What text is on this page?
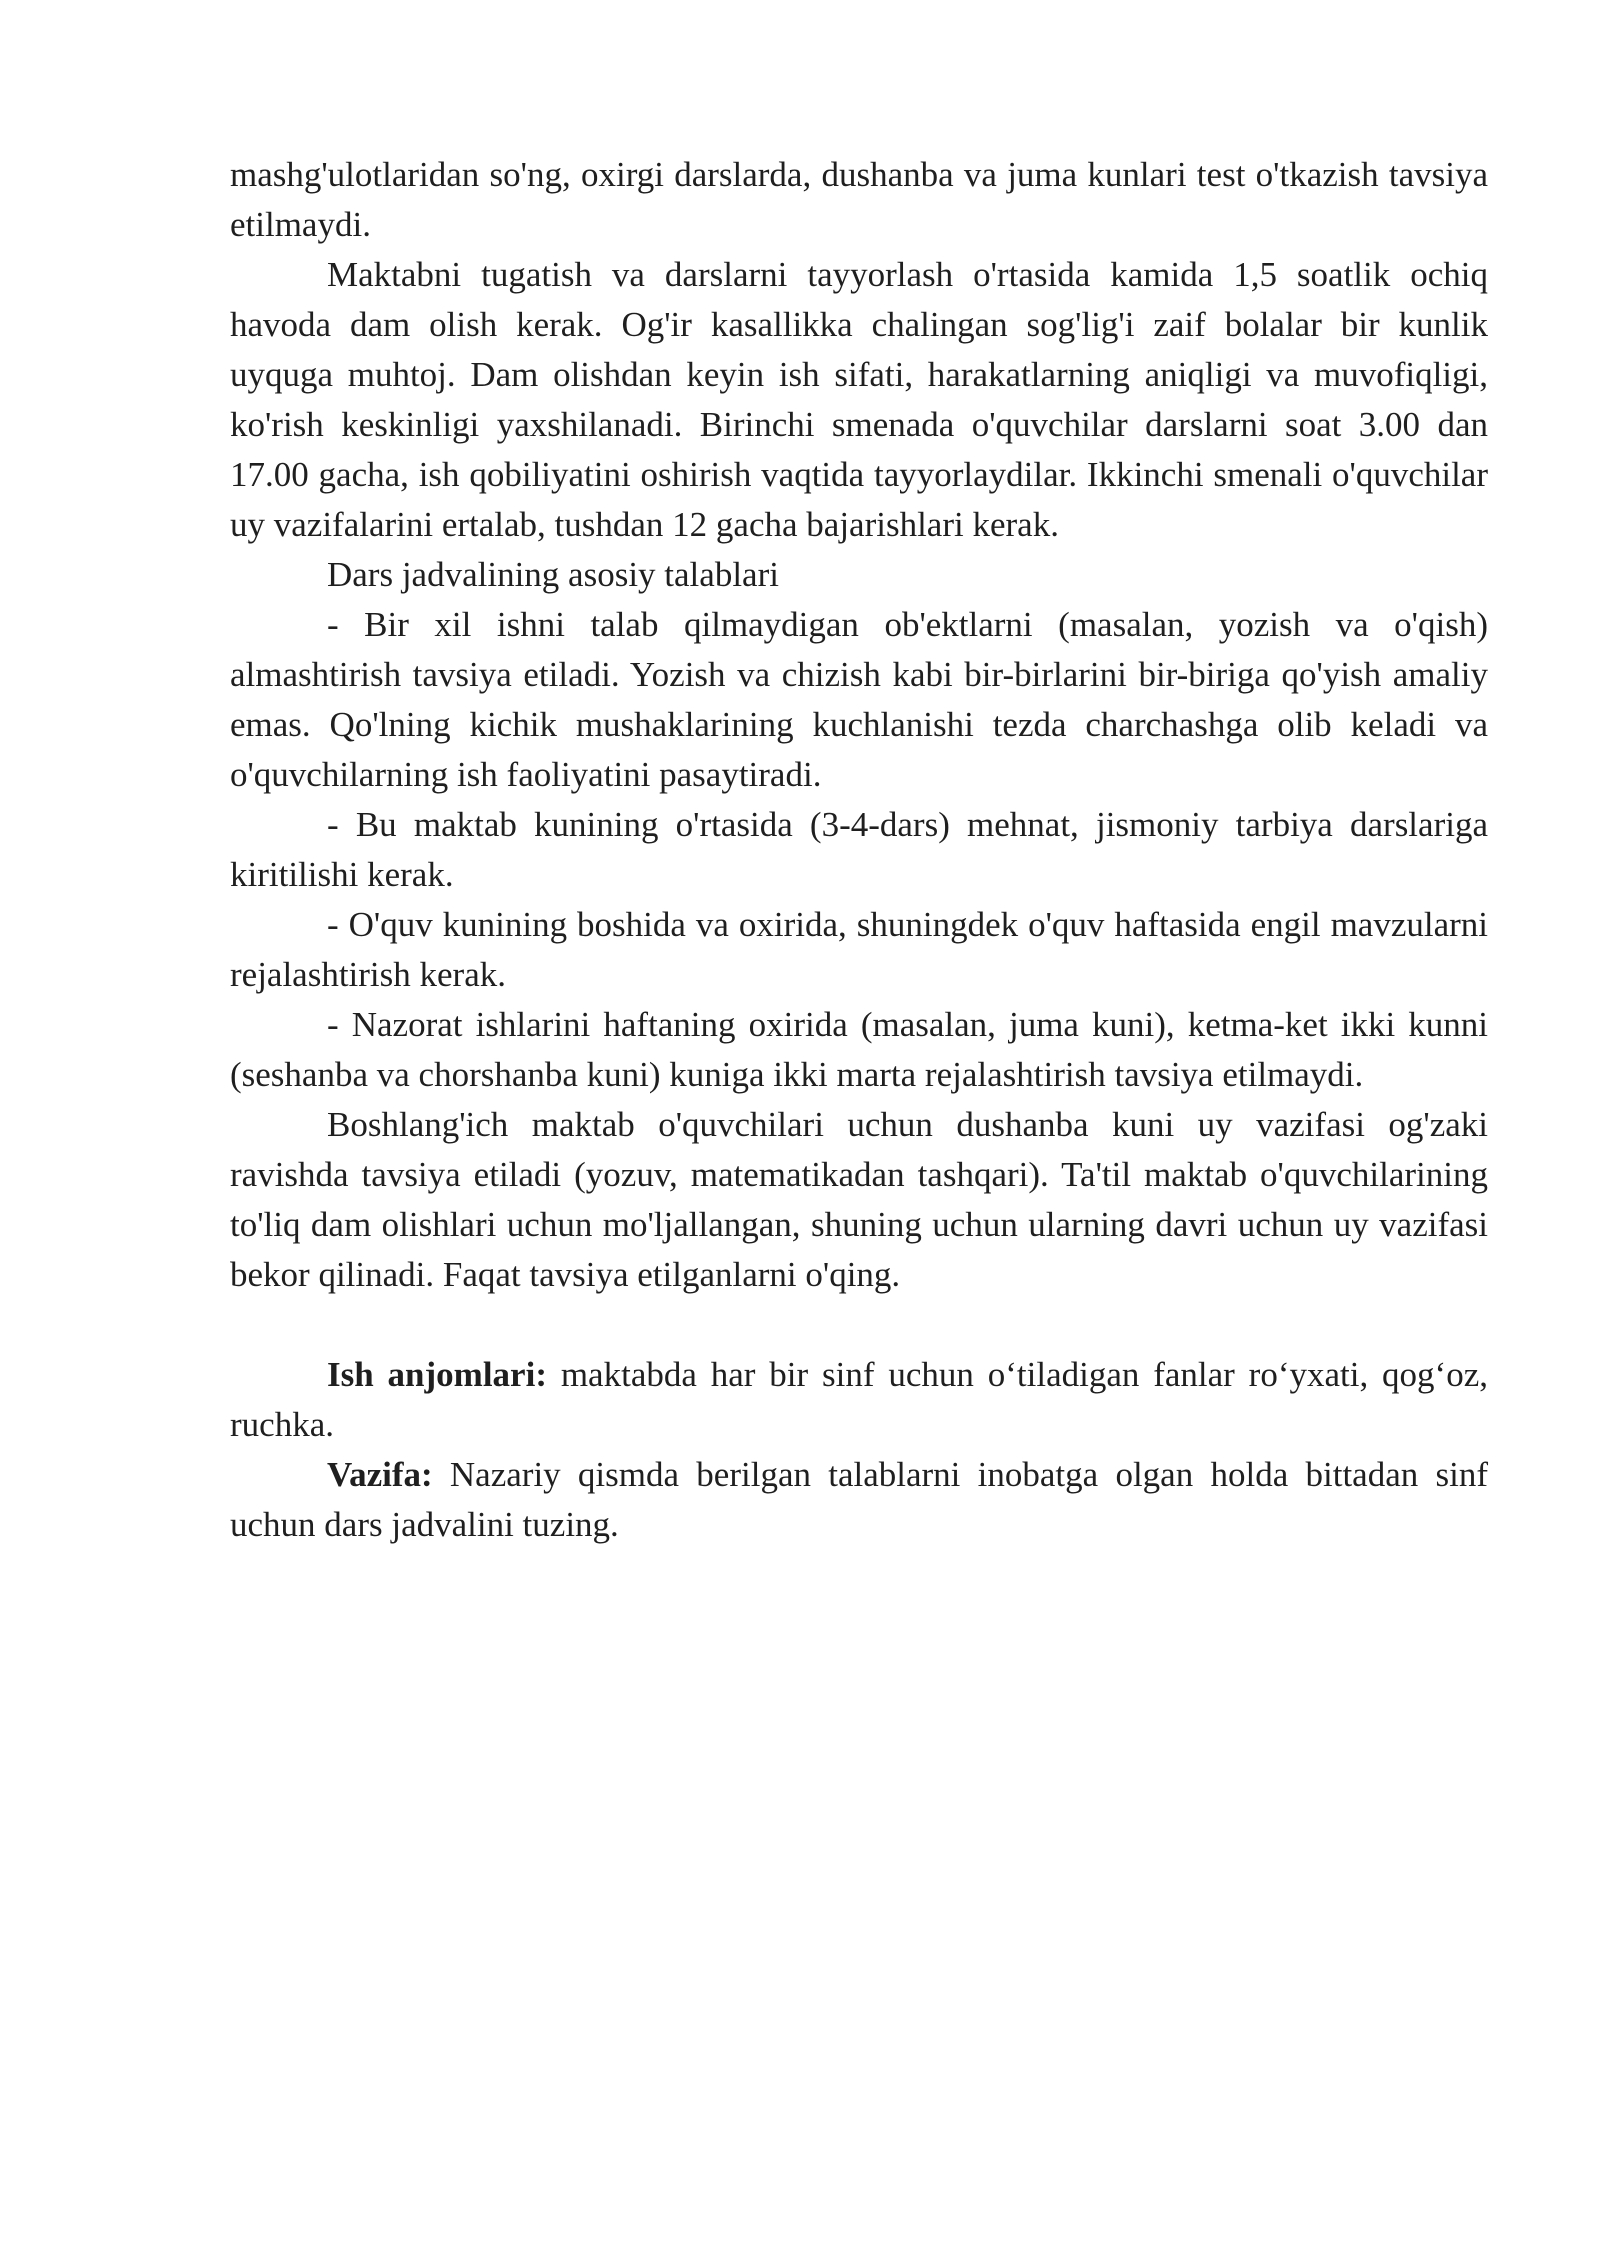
mashg'ulotlaridan so'ng, oxirgi darslarda, dushanba va juma kunlari test o'tkazish tavsiya etilmaydi.

Maktabni tugatish va darslarni tayyorlash o'rtasida kamida 1,5 soatlik ochiq havoda dam olish kerak. Og'ir kasallikka chalingan sog'lig'i zaif bolalar bir kunlik uyquga muhtoj. Dam olishdan keyin ish sifati, harakatlarning aniqligi va muvofiqligi, ko'rish keskinligi yaxshilanadi. Birinchi smenada o'quvchilar darslarni soat 3.00 dan 17.00 gacha, ish qobiliyatini oshirish vaqtida tayyorlaydilar. Ikkinchi smenali o'quvchilar uy vazifalarini ertalab, tushdan 12 gacha bajarishlari kerak.

Dars jadvalining asosiy talablari

- Bir xil ishni talab qilmaydigan ob'ektlarni (masalan, yozish va o'qish) almashtirish tavsiya etiladi. Yozish va chizish kabi bir-birlarini bir-biriga qo'yish amaliy emas. Qo'lning kichik mushaklarining kuchlanishi tezda charchashga olib keladi va o'quvchilarning ish faoliyatini pasaytiradi.

- Bu maktab kunining o'rtasida (3-4-dars) mehnat, jismoniy tarbiya darslariga kiritilishi kerak.

- O'quv kunining boshida va oxirida, shuningdek o'quv haftasida engil mavzularni rejalashtirish kerak.

- Nazorat ishlarini haftaning oxirida (masalan, juma kuni), ketma-ket ikki kunni (seshanba va chorshanba kuni) kuniga ikki marta rejalashtirish tavsiya etilmaydi.

Boshlang'ich maktab o'quvchilari uchun dushanba kuni uy vazifasi og'zaki ravishda tavsiya etiladi (yozuv, matematikadan tashqari). Ta'til maktab o'quvchilarining to'liq dam olishlari uchun mo'ljallangan, shuning uchun ularning davri uchun uy vazifasi bekor qilinadi. Faqat tavsiya etilganlarni o'qing.

Ish anjomlari: maktabda har bir sinf uchun o‘tiladigan fanlar ro‘yxati, qog‘oz, ruchka.

Vazifa: Nazariy qismda berilgan talablarni inobatga olgan holda bittadan sinf uchun dars jadvalini tuzing.
